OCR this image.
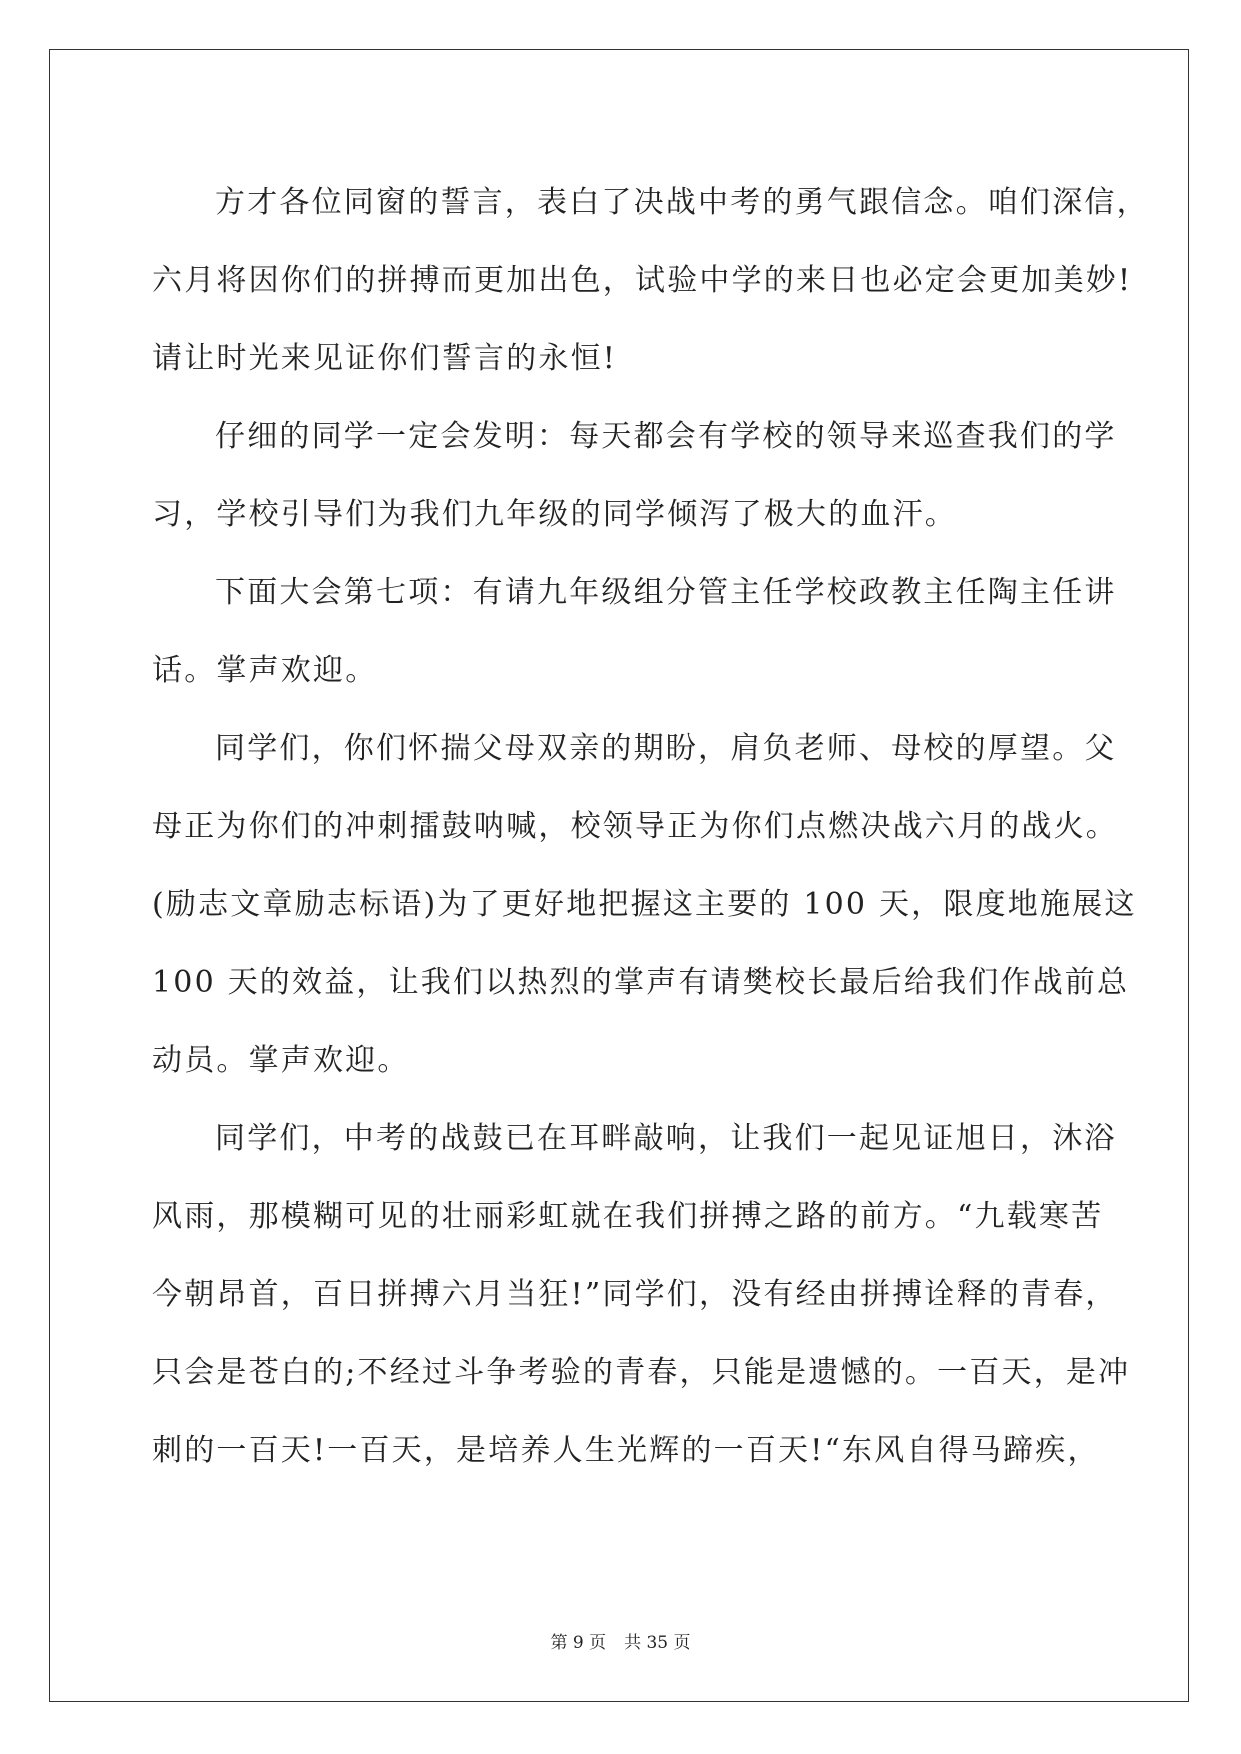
方才各位同窗的誓言，表白了决战中考的勇气跟信念。咱们深信，
六月将因你们的拼搏而更加出色，试验中学的来日也必定会更加美妙!
请让时光来见证你们誓言的永恒!
仔细的同学一定会发明：每天都会有学校的领导来巡查我们的学
习，学校引导们为我们九年级的同学倾泻了极大的血汗。
下面大会第七项：有请九年级组分管主任学校政教主任陶主任讲
话。掌声欢迎。
同学们，你们怀揣父母双亲的期盼，肩负老师、母校的厚望。父
母正为你们的冲刺擂鼓呐喊，校领导正为你们点燃决战六月的战火。
(励志文章励志标语)为了更好地把握这主要的 100 天，限度地施展这
100 天的效益，让我们以热烈的掌声有请樊校长最后给我们作战前总
动员。掌声欢迎。
同学们，中考的战鼓已在耳畔敲响，让我们一起见证旭日，沐浴
风雨，那模糊可见的壮丽彩虹就在我们拼搏之路的前方。“九载寒苦
今朝昂首，百日拼搏六月当狂!”同学们，没有经由拼搏诠释的青春，
只会是苍白的;不经过斗争考验的青春，只能是遗憾的。一百天，是冲
刺的一百天!一百天，是培养人生光辉的一百天!“东风自得马蹄疾，
第 9 页 共 35 页
